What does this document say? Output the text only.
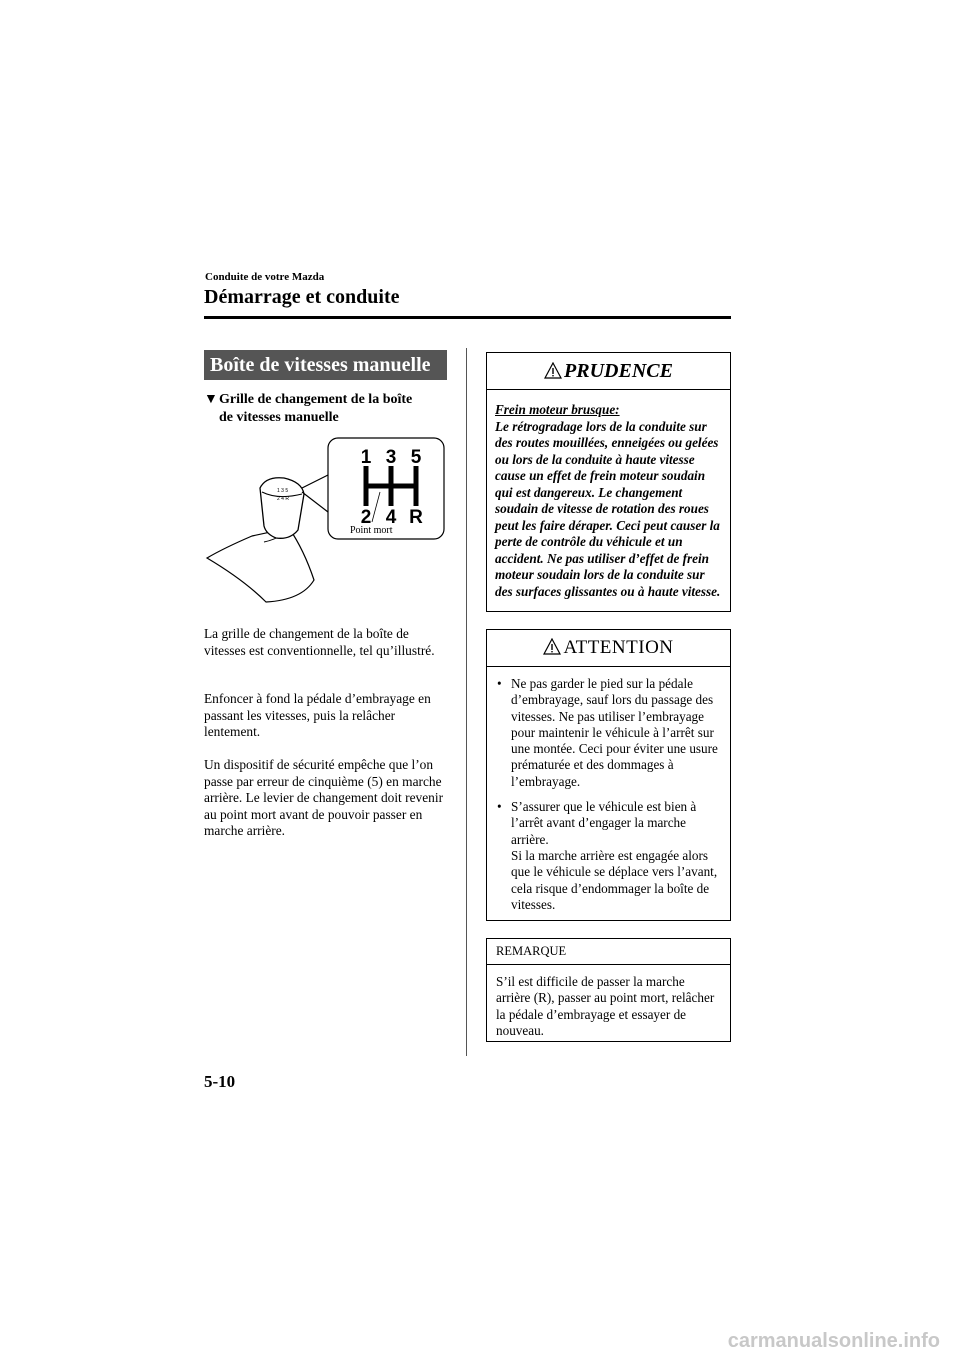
Conduite de votre Mazda
Démarrage et conduite
Boîte de vitesses manuelle
▼Grille de changement de la boîte
de vitesses manuelle
1 3 5
2 4 R
1 3 5
2 4 R
Point mort
La grille de changement de la boîte de vitesses est conventionnelle, tel qu’illustré.
Enfoncer à fond la pédale d’embrayage en passant les vitesses, puis la relâcher lentement.
Un dispositif de sécurité empêche que l’on passe par erreur de cinquième (5) en marche arrière. Le levier de changement doit revenir au point mort avant de pouvoir passer en marche arrière.
PRUDENCE
Frein moteur brusque:
Le rétrogradage lors de la conduite sur des routes mouillées, enneigées ou gelées ou lors de la conduite à haute vitesse cause un effet de frein moteur soudain qui est dangereux. Le changement soudain de vitesse de rotation des roues peut les faire déraper. Ceci peut causer la perte de contrôle du véhicule et un accident. Ne pas utiliser d’effet de frein moteur soudain lors de la conduite sur des surfaces glissantes ou à haute vitesse.
ATTENTION
• Ne pas garder le pied sur la pédale d’embrayage, sauf lors du passage des vitesses. Ne pas utiliser l’embrayage pour maintenir le véhicule à l’arrêt sur une montée. Ceci pour éviter une usure prématurée et des dommages à l’embrayage.
• S’assurer que le véhicule est bien à l’arrêt avant d’engager la marche arrière.
Si la marche arrière est engagée alors que le véhicule se déplace vers l’avant, cela risque d’endommager la boîte de vitesses.
REMARQUE
S’il est difficile de passer la marche arrière (R), passer au point mort, relâcher la pédale d’embrayage et essayer de nouveau.
5-10
carmanualsonline.info
